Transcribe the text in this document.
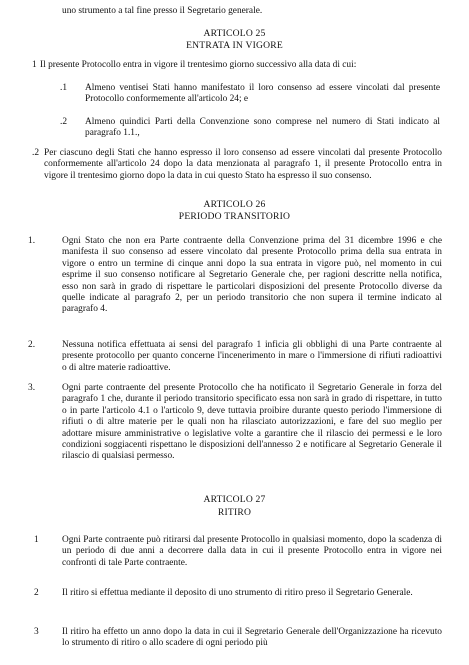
uno strumento a tal fine presso il Segretario generale.

ARTICOLO 25

ENTRATA IN VIGORE

1 Il presente Protocollo entra in vigore il trentesimo giorno successivo alla data di cui:

.1 Almeno ventisei Stati hanno manifestato il loro consenso ad essere vincolati dal presente Protocollo conformemente all'articolo 24; e

.2 Almeno quindici Parti della Convenzione sono comprese nel numero di Stati indicato al paragrafo 1.1.,

.2 Per ciascuno degli Stati che hanno espresso il loro consenso ad essere vincolati dal presente Protocollo conformemente all'articolo 24 dopo la data menzionata al paragrafo 1, il presente Protocollo entra in vigore il trentesimo giorno dopo la data in cui questo Stato ha espresso il suo consenso.

ARTICOLO 26

PERIODO TRANSITORIO

1.	Ogni Stato che non era Parte contraente della Convenzione prima del 31 dicembre 1996 e che manifesta il suo consenso ad essere vincolato dal presente Protocollo prima della sua entrata in vigore o entro un termine di cinque anni dopo la sua entrata in vigore può, nel momento in cui esprime il suo consenso notificare al Segretario Generale che, per ragioni descritte nella notifica, esso non sarà in grado di rispettare le particolari disposizioni del presente Protocollo diverse da quelle indicate al paragrafo 2, per un periodo transitorio che non supera il termine indicato al paragrafo 4.

2.	Nessuna notifica effettuata ai sensi del paragrafo 1 inficia gli obblighi di una Parte contraente al presente protocollo per quanto concerne l'incenerimento in mare o l'immersione di rifiuti radioattivi o di altre materie radioattive.

3.	Ogni parte contraente del presente Protocollo che ha notificato il Segretario Generale in forza del paragrafo 1 che, durante il periodo transitorio specificato essa non sarà in grado di rispettare, in tutto o in parte l'articolo 4.1 o l'articolo 9, deve tuttavia proibire durante questo periodo l'immersione di rifiuti o di altre materie per le quali non ha rilasciato autorizzazioni, e fare del suo meglio per adottare misure amministrative o legislative volte a garantire che il rilascio dei permessi e le loro condizioni soggiacenti rispettano le disposizioni dell'annesso 2 e notificare al Segretario Generale il rilascio di qualsiasi permesso.

ARTICOLO 27

RITIRO

1 Ogni Parte contraente può ritirarsi dal presente Protocollo in qualsiasi momento, dopo la scadenza di un periodo di due anni a decorrere dalla data in cui il presente Protocollo entra in vigore nei confronti di tale Parte contraente.

2 Il ritiro si effettua mediante il deposito di uno strumento di ritiro preso il Segretario Generale.

3 Il ritiro ha effetto un anno dopo la data in cui il Segretario Generale dell'Organizzazione ha ricevuto lo strumento di ritiro o allo scadere di ogni periodo più
